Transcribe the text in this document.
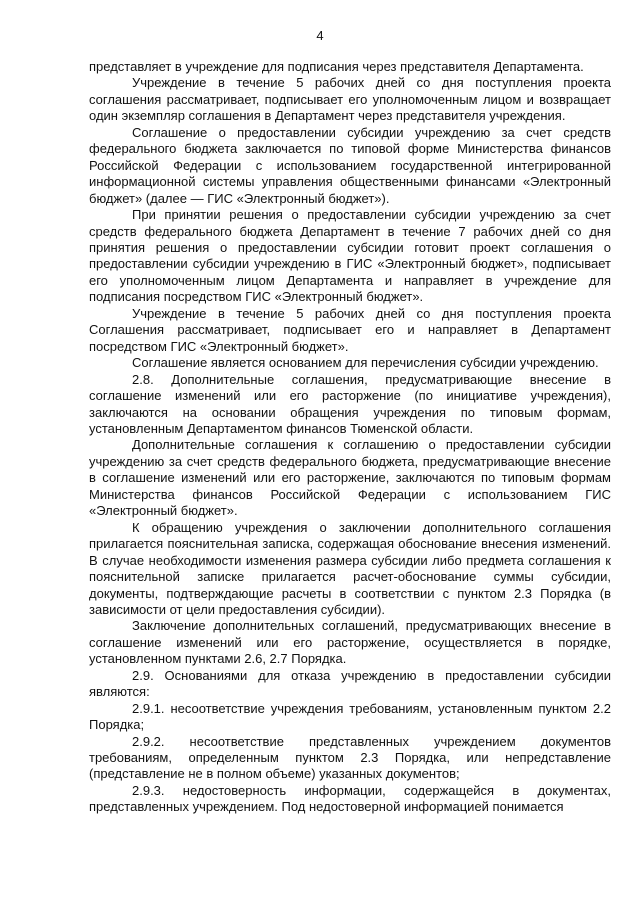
4

представляет в учреждение для подписания через представителя Департамента.

Учреждение в течение 5 рабочих дней со дня поступления проекта соглашения рассматривает, подписывает его уполномоченным лицом и возвращает один экземпляр соглашения в Департамент через представителя учреждения.

Соглашение о предоставлении субсидии учреждению за счет средств федерального бюджета заключается по типовой форме Министерства финансов Российской Федерации с использованием государственной интегрированной информационной системы управления общественными финансами «Электронный бюджет» (далее — ГИС «Электронный бюджет»).

При принятии решения о предоставлении субсидии учреждению за счет средств федерального бюджета Департамент в течение 7 рабочих дней со дня принятия решения о предоставлении субсидии готовит проект соглашения о предоставлении субсидии учреждению в ГИС «Электронный бюджет», подписывает его уполномоченным лицом Департамента и направляет в учреждение для подписания посредством ГИС «Электронный бюджет».

Учреждение в течение 5 рабочих дней со дня поступления проекта Соглашения рассматривает, подписывает его и направляет в Департамент посредством ГИС «Электронный бюджет».

Соглашение является основанием для перечисления субсидии учреждению.

2.8. Дополнительные соглашения, предусматривающие внесение в соглашение изменений или его расторжение (по инициативе учреждения), заключаются на основании обращения учреждения по типовым формам, установленным Департаментом финансов Тюменской области.

Дополнительные соглашения к соглашению о предоставлении субсидии учреждению за счет средств федерального бюджета, предусматривающие внесение в соглашение изменений или его расторжение, заключаются по типовым формам Министерства финансов Российской Федерации с использованием ГИС «Электронный бюджет».

К обращению учреждения о заключении дополнительного соглашения прилагается пояснительная записка, содержащая обоснование внесения изменений. В случае необходимости изменения размера субсидии либо предмета соглашения к пояснительной записке прилагается расчет-обоснование суммы субсидии, документы, подтверждающие расчеты в соответствии с пунктом 2.3 Порядка (в зависимости от цели предоставления субсидии).

Заключение дополнительных соглашений, предусматривающих внесение в соглашение изменений или его расторжение, осуществляется в порядке, установленном пунктами 2.6, 2.7 Порядка.

2.9. Основаниями для отказа учреждению в предоставлении субсидии являются:

2.9.1. несоответствие учреждения требованиям, установленным пунктом 2.2 Порядка;

2.9.2. несоответствие представленных учреждением документов требованиям, определенным пунктом 2.3 Порядка, или непредставление (представление не в полном объеме) указанных документов;

2.9.3. недостоверность информации, содержащейся в документах, представленных учреждением. Под недостоверной информацией понимается
